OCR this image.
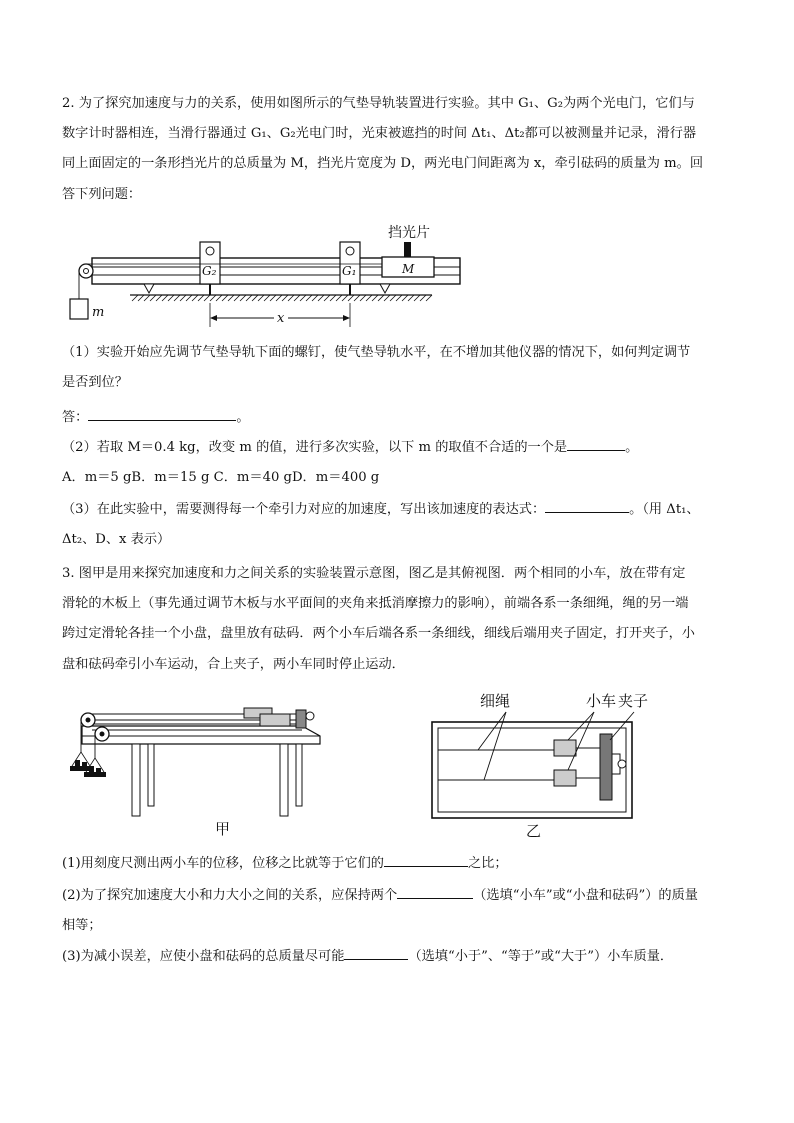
2. 为了探究加速度与力的关系，使用如图所示的气垫导轨装置进行实验。其中 G₁、G₂为两个光电门，它们与

数字计时器相连，当滑行器通过 G₁、G₂光电门时，光束被遮挡的时间 Δt₁、Δt₂都可以被测量并记录，滑行器

同上面固定的一条形挡光片的总质量为 M，挡光片宽度为 D，两光电门间距离为 x，牵引砝码的质量为 m。回

答下列问题：

挡光片
M
G₂	G₁
m	x

（1）实验开始应先调节气垫导轨下面的螺钉，使气垫导轨水平，在不增加其他仪器的情况下，如何判定调节

是否到位？

答：	。

（2）若取 M＝0.4 kg，改变 m 的值，进行多次实验，以下 m 的取值不合适的一个是	。

A．m＝5 gB．m＝15 g C．m＝40 gD．m＝400 g

（3）在此实验中，需要测得每一个牵引力对应的加速度，写出该加速度的表达式：	。（用 Δt₁、

Δt₂、D、x 表示）

3. 图甲是用来探究加速度和力之间关系的实验装置示意图，图乙是其俯视图．两个相同的小车，放在带有定

滑轮的木板上（事先通过调节木板与水平面间的夹角来抵消摩擦力的影响），前端各系一条细绳，绳的另一端

跨过定滑轮各挂一个小盘，盘里放有砝码．两个小车后端各系一条细线，细线后端用夹子固定，打开夹子，小

盘和砝码牵引小车运动，合上夹子，两小车同时停止运动．

甲
细绳	小车 夹子
乙

(1)用刻度尺测出两小车的位移，位移之比就等于它们的	之比；

(2)为了探究加速度大小和力大小之间的关系，应保持两个	（选填“小车”或“小盘和砝码”）的质量

相等；

(3)为减小误差，应使小盘和砝码的总质量尽可能	（选填“小于”、“等于”或“大于”）小车质量．
